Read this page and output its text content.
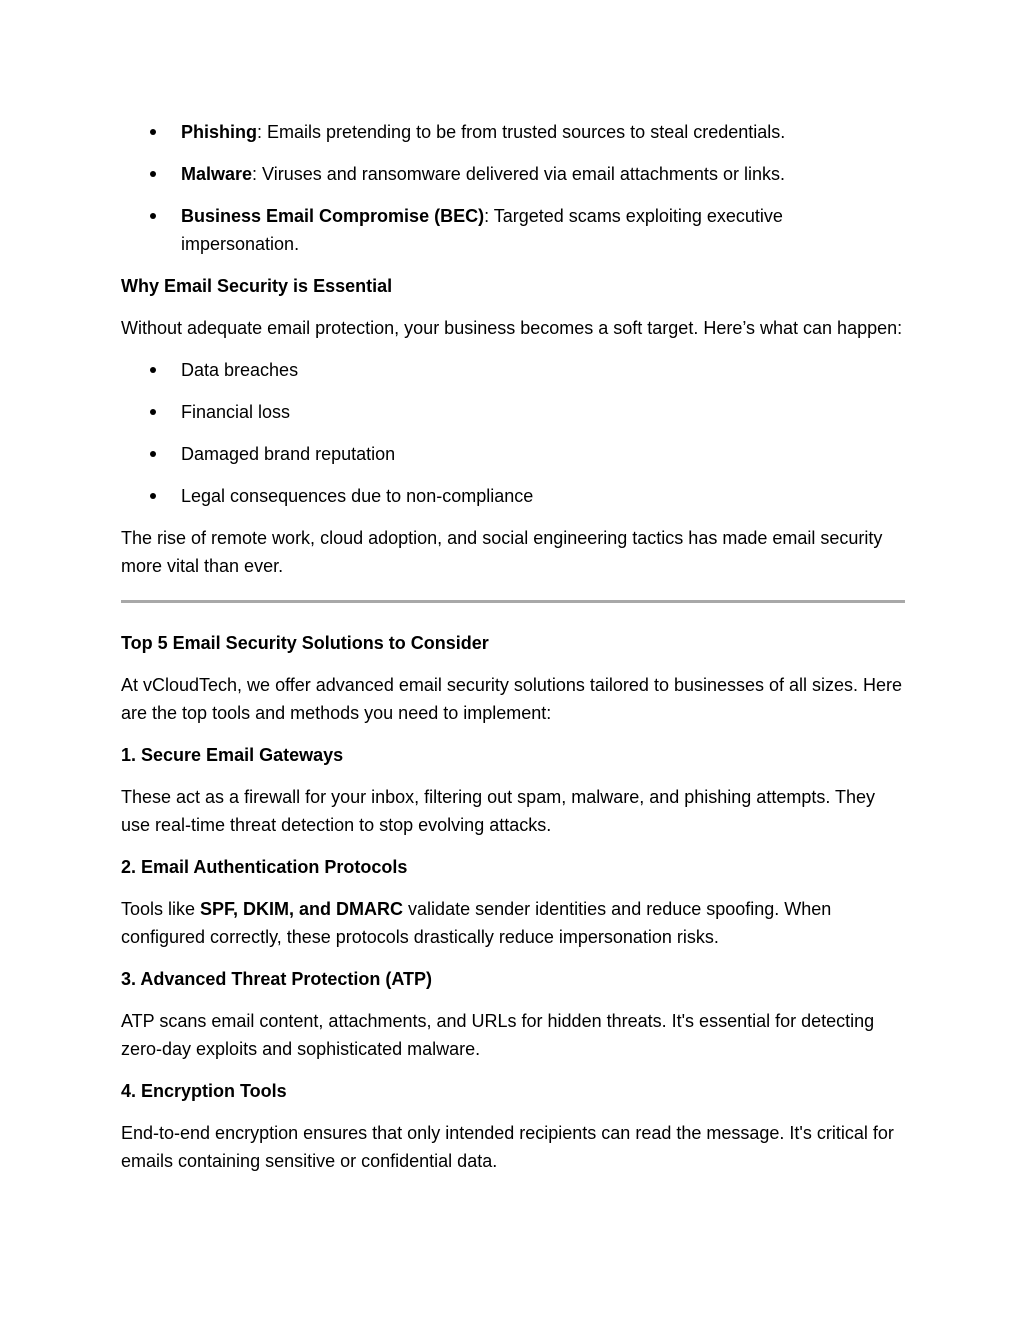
Phishing: Emails pretending to be from trusted sources to steal credentials.
Malware: Viruses and ransomware delivered via email attachments or links.
Business Email Compromise (BEC): Targeted scams exploiting executive impersonation.

Why Email Security is Essential

Without adequate email protection, your business becomes a soft target. Here’s what can happen:

Data breaches
Financial loss
Damaged brand reputation
Legal consequences due to non-compliance

The rise of remote work, cloud adoption, and social engineering tactics has made email security more vital than ever.

Top 5 Email Security Solutions to Consider

At vCloudTech, we offer advanced email security solutions tailored to businesses of all sizes. Here are the top tools and methods you need to implement:

1. Secure Email Gateways

These act as a firewall for your inbox, filtering out spam, malware, and phishing attempts. They use real-time threat detection to stop evolving attacks.

2. Email Authentication Protocols

Tools like SPF, DKIM, and DMARC validate sender identities and reduce spoofing. When configured correctly, these protocols drastically reduce impersonation risks.

3. Advanced Threat Protection (ATP)

ATP scans email content, attachments, and URLs for hidden threats. It's essential for detecting zero-day exploits and sophisticated malware.

4. Encryption Tools

End-to-end encryption ensures that only intended recipients can read the message. It's critical for emails containing sensitive or confidential data.
